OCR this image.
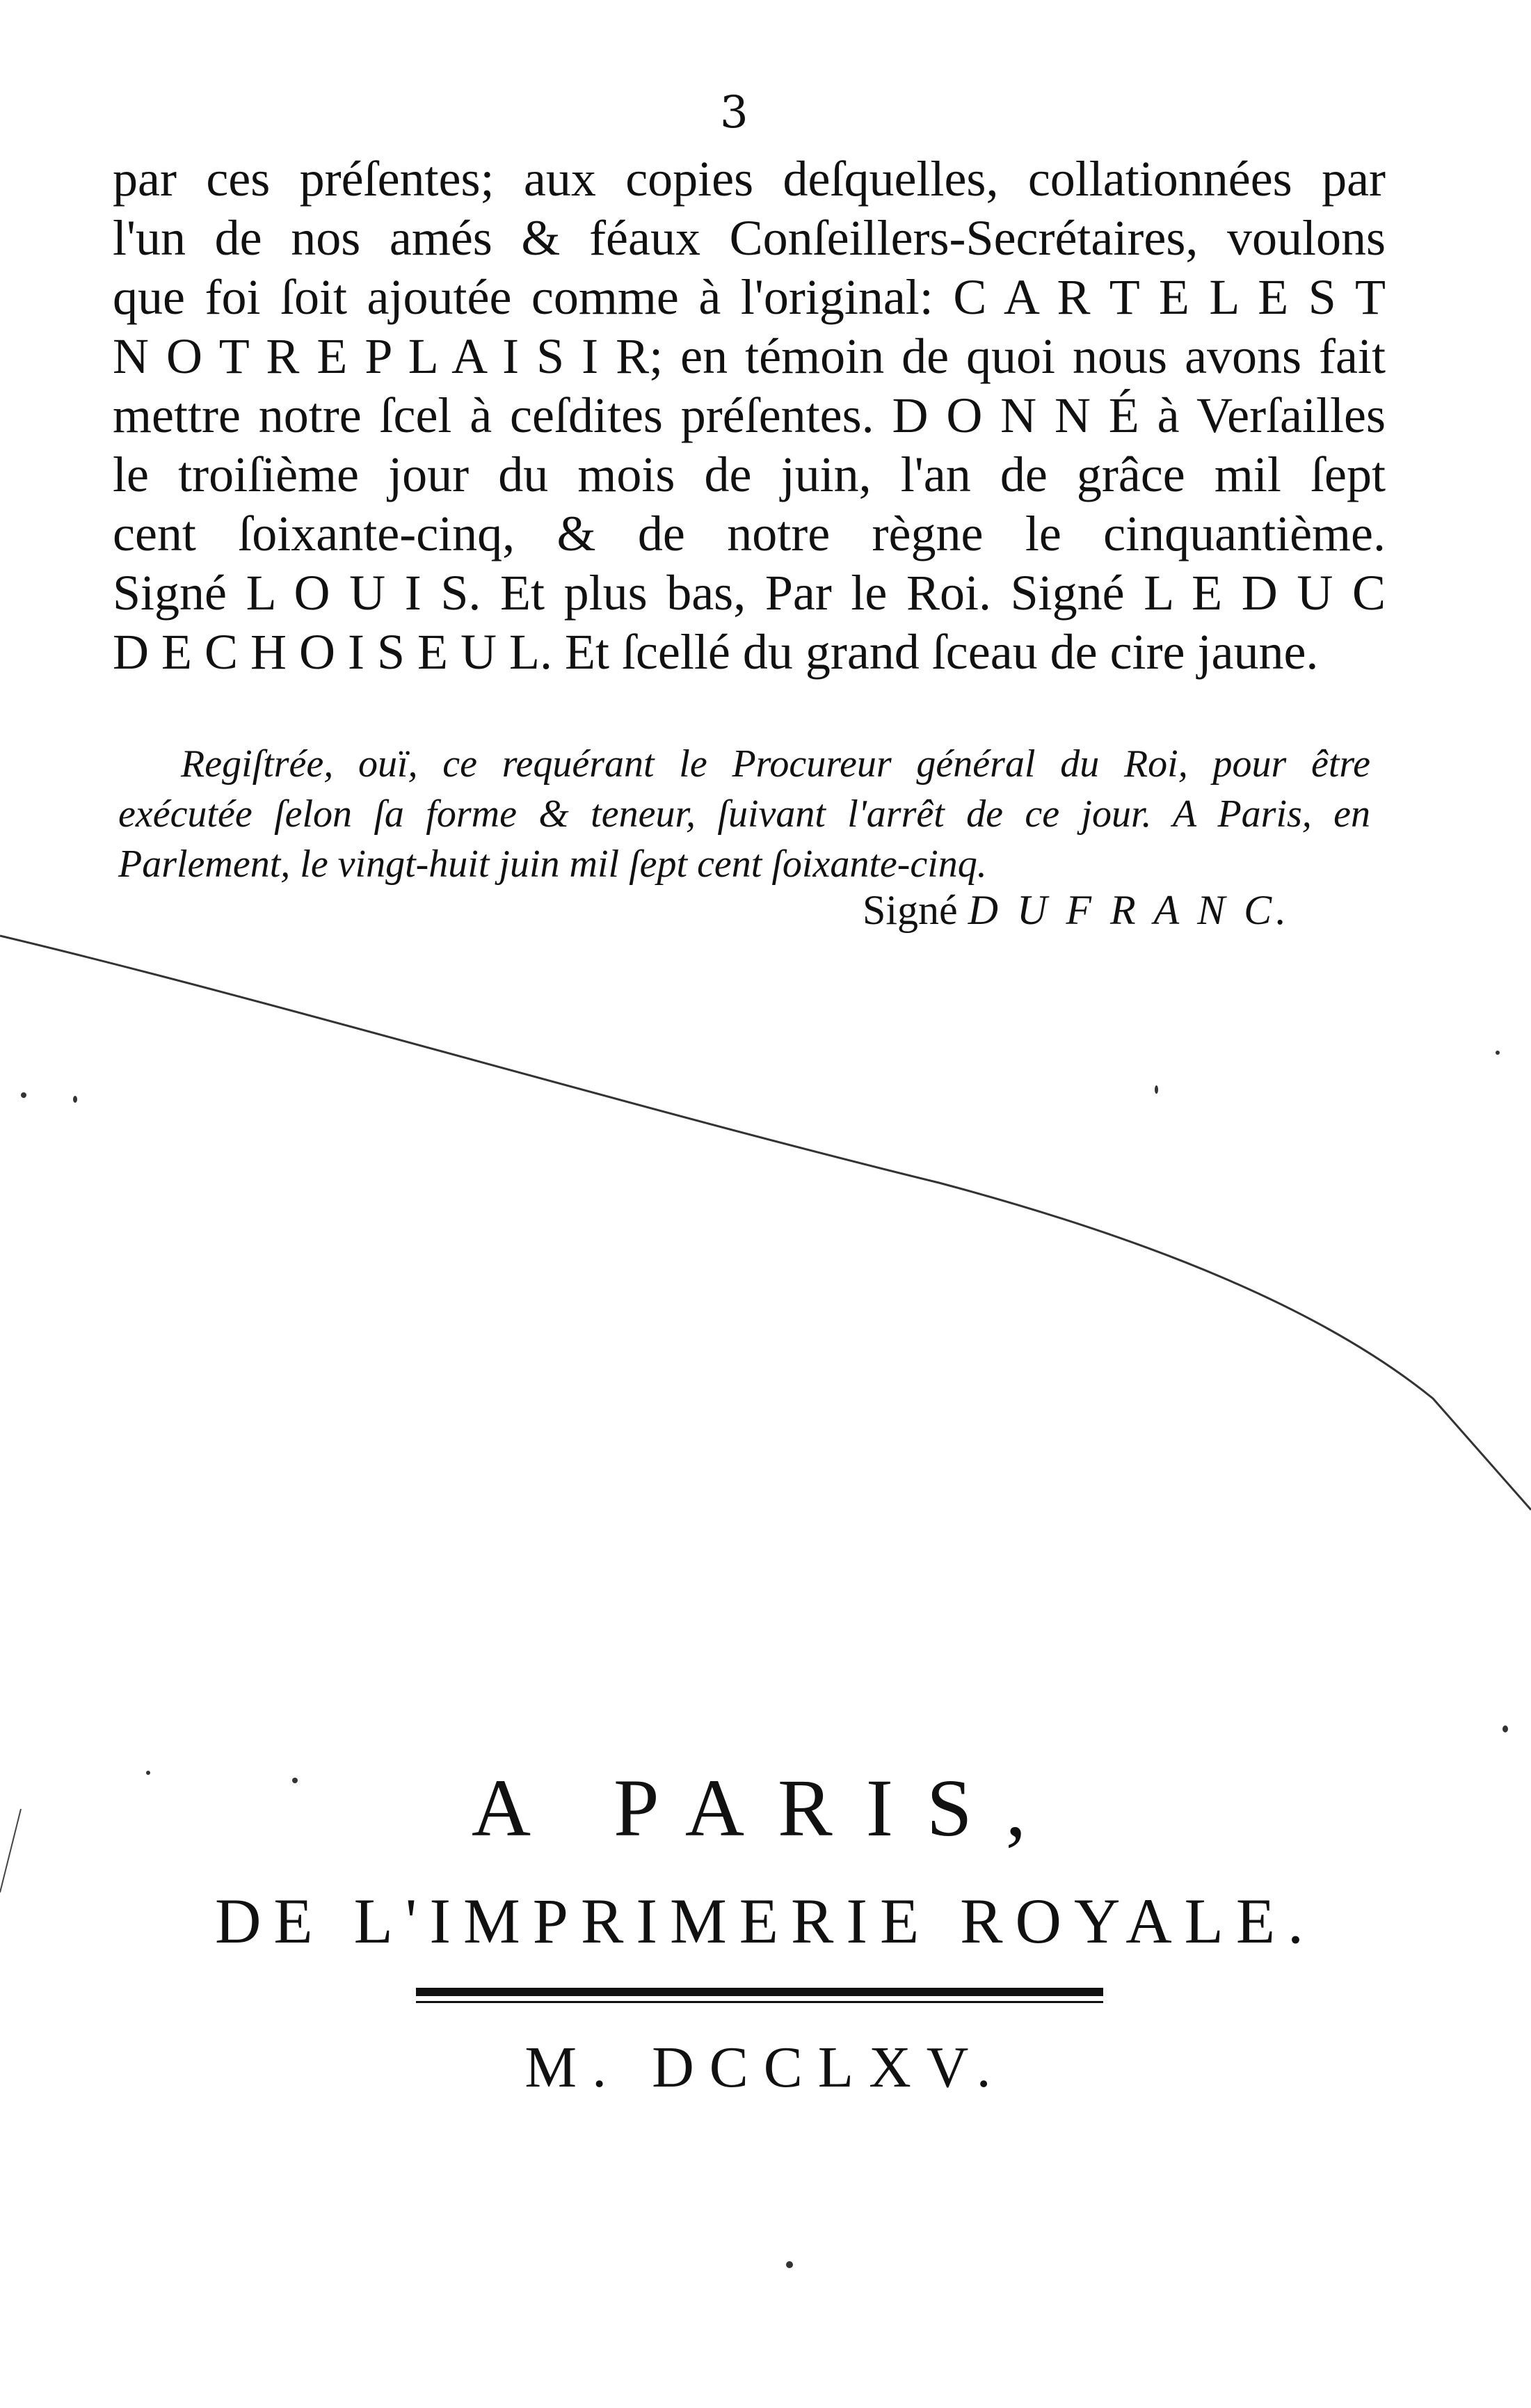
3
par ces préſentes; aux copies deſquelles, collationnées par
l'un de nos amés & féaux Conſeillers-Secrétaires, voulons
que foi ſoit ajoutée comme à l'original: C A R T E L E S T
N O T R E P L A I S I R; en témoin de quoi nous avons fait
mettre notre ſcel à ceſdites préſentes. D O N N É à Verſailles
le troiſième jour du mois de juin, l'an de grâce mil ſept
cent ſoixante-cinq, & de notre règne le cinquantième.
Signé L O U I S. Et plus bas, Par le Roi. Signé L E D U C
D E C H O I S E U L. Et ſcellé du grand ſceau de cire jaune.
Regiſtrée, ouï, ce requérant le Procureur général du Roi, pour être
exécutée ſelon ſa forme & teneur, ſuivant l'arrêt de ce jour. A Paris, en
Parlement, le vingt-huit juin mil ſept cent ſoixante-cinq.
Signé D U F R A N C.
A PARIS,
DE L'IMPRIMERIE ROYALE.
M. DCCLXV.
